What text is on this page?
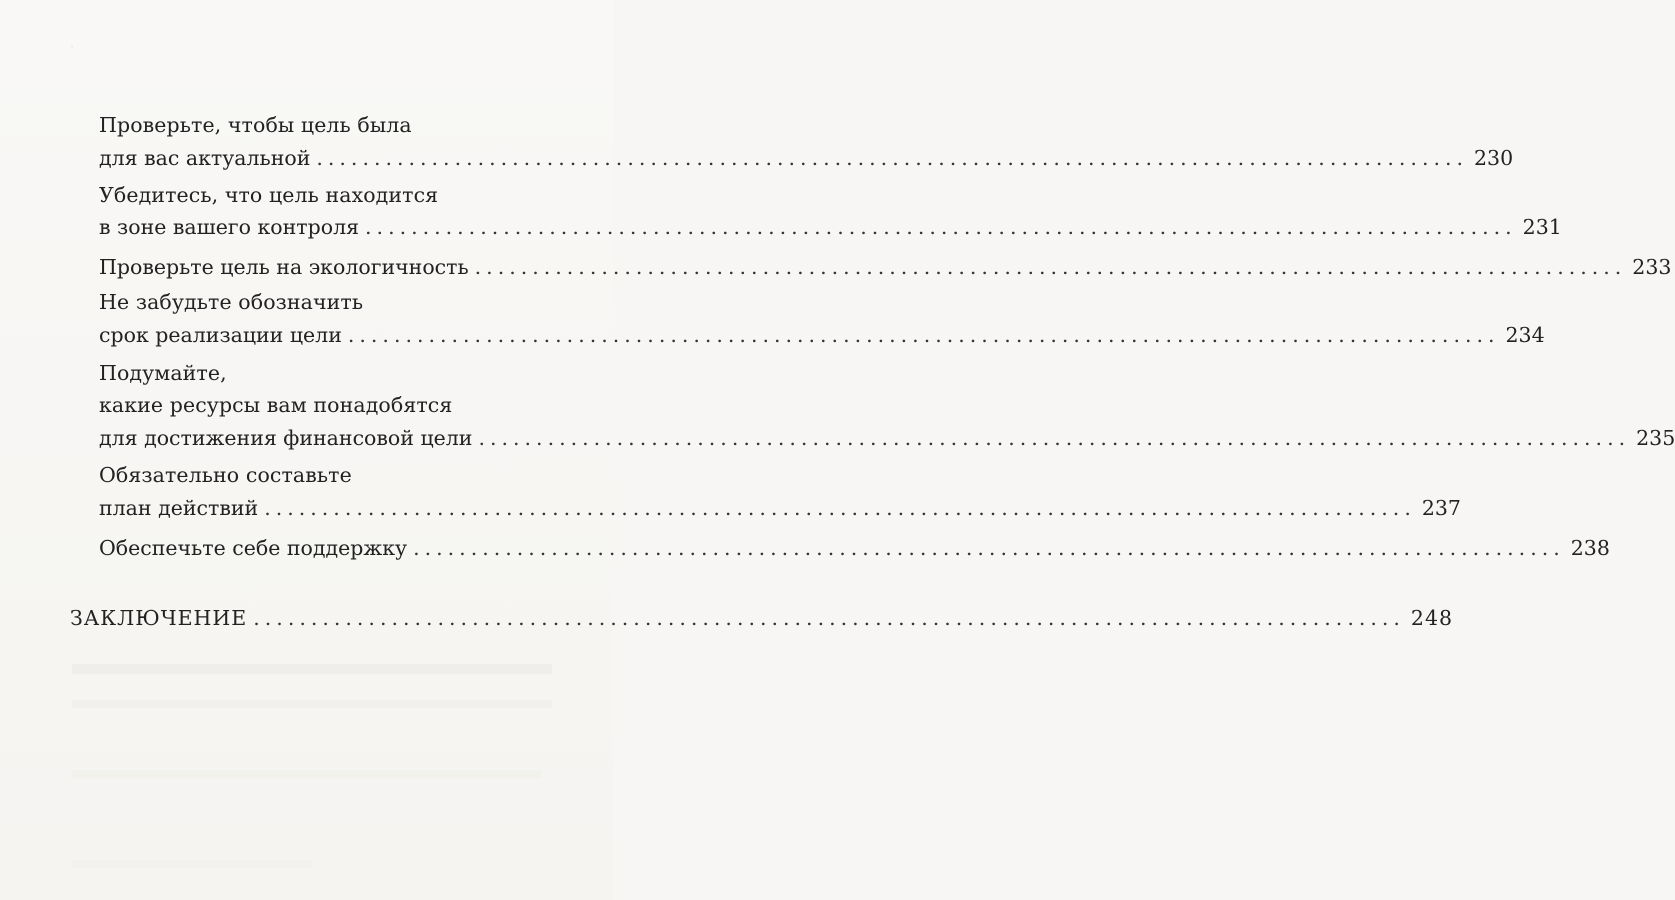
·
Проверьте, чтобы цель была
для вас актуальной .................................................................................................... 230
Убедитесь, что цель находится
в зоне вашего контроля .................................................................................................... 231
Проверьте цель на экологичность .................................................................................................... 233
Не забудьте обозначить
срок реализации цели .................................................................................................... 234
Подумайте,
какие ресурсы вам понадобятся
для достижения финансовой цели .................................................................................................... 235
Обязательно составьте
план действий .................................................................................................... 237
Обеспечьте себе поддержку .................................................................................................... 238
ЗАКЛЮЧЕНИЕ .................................................................................................... 248
